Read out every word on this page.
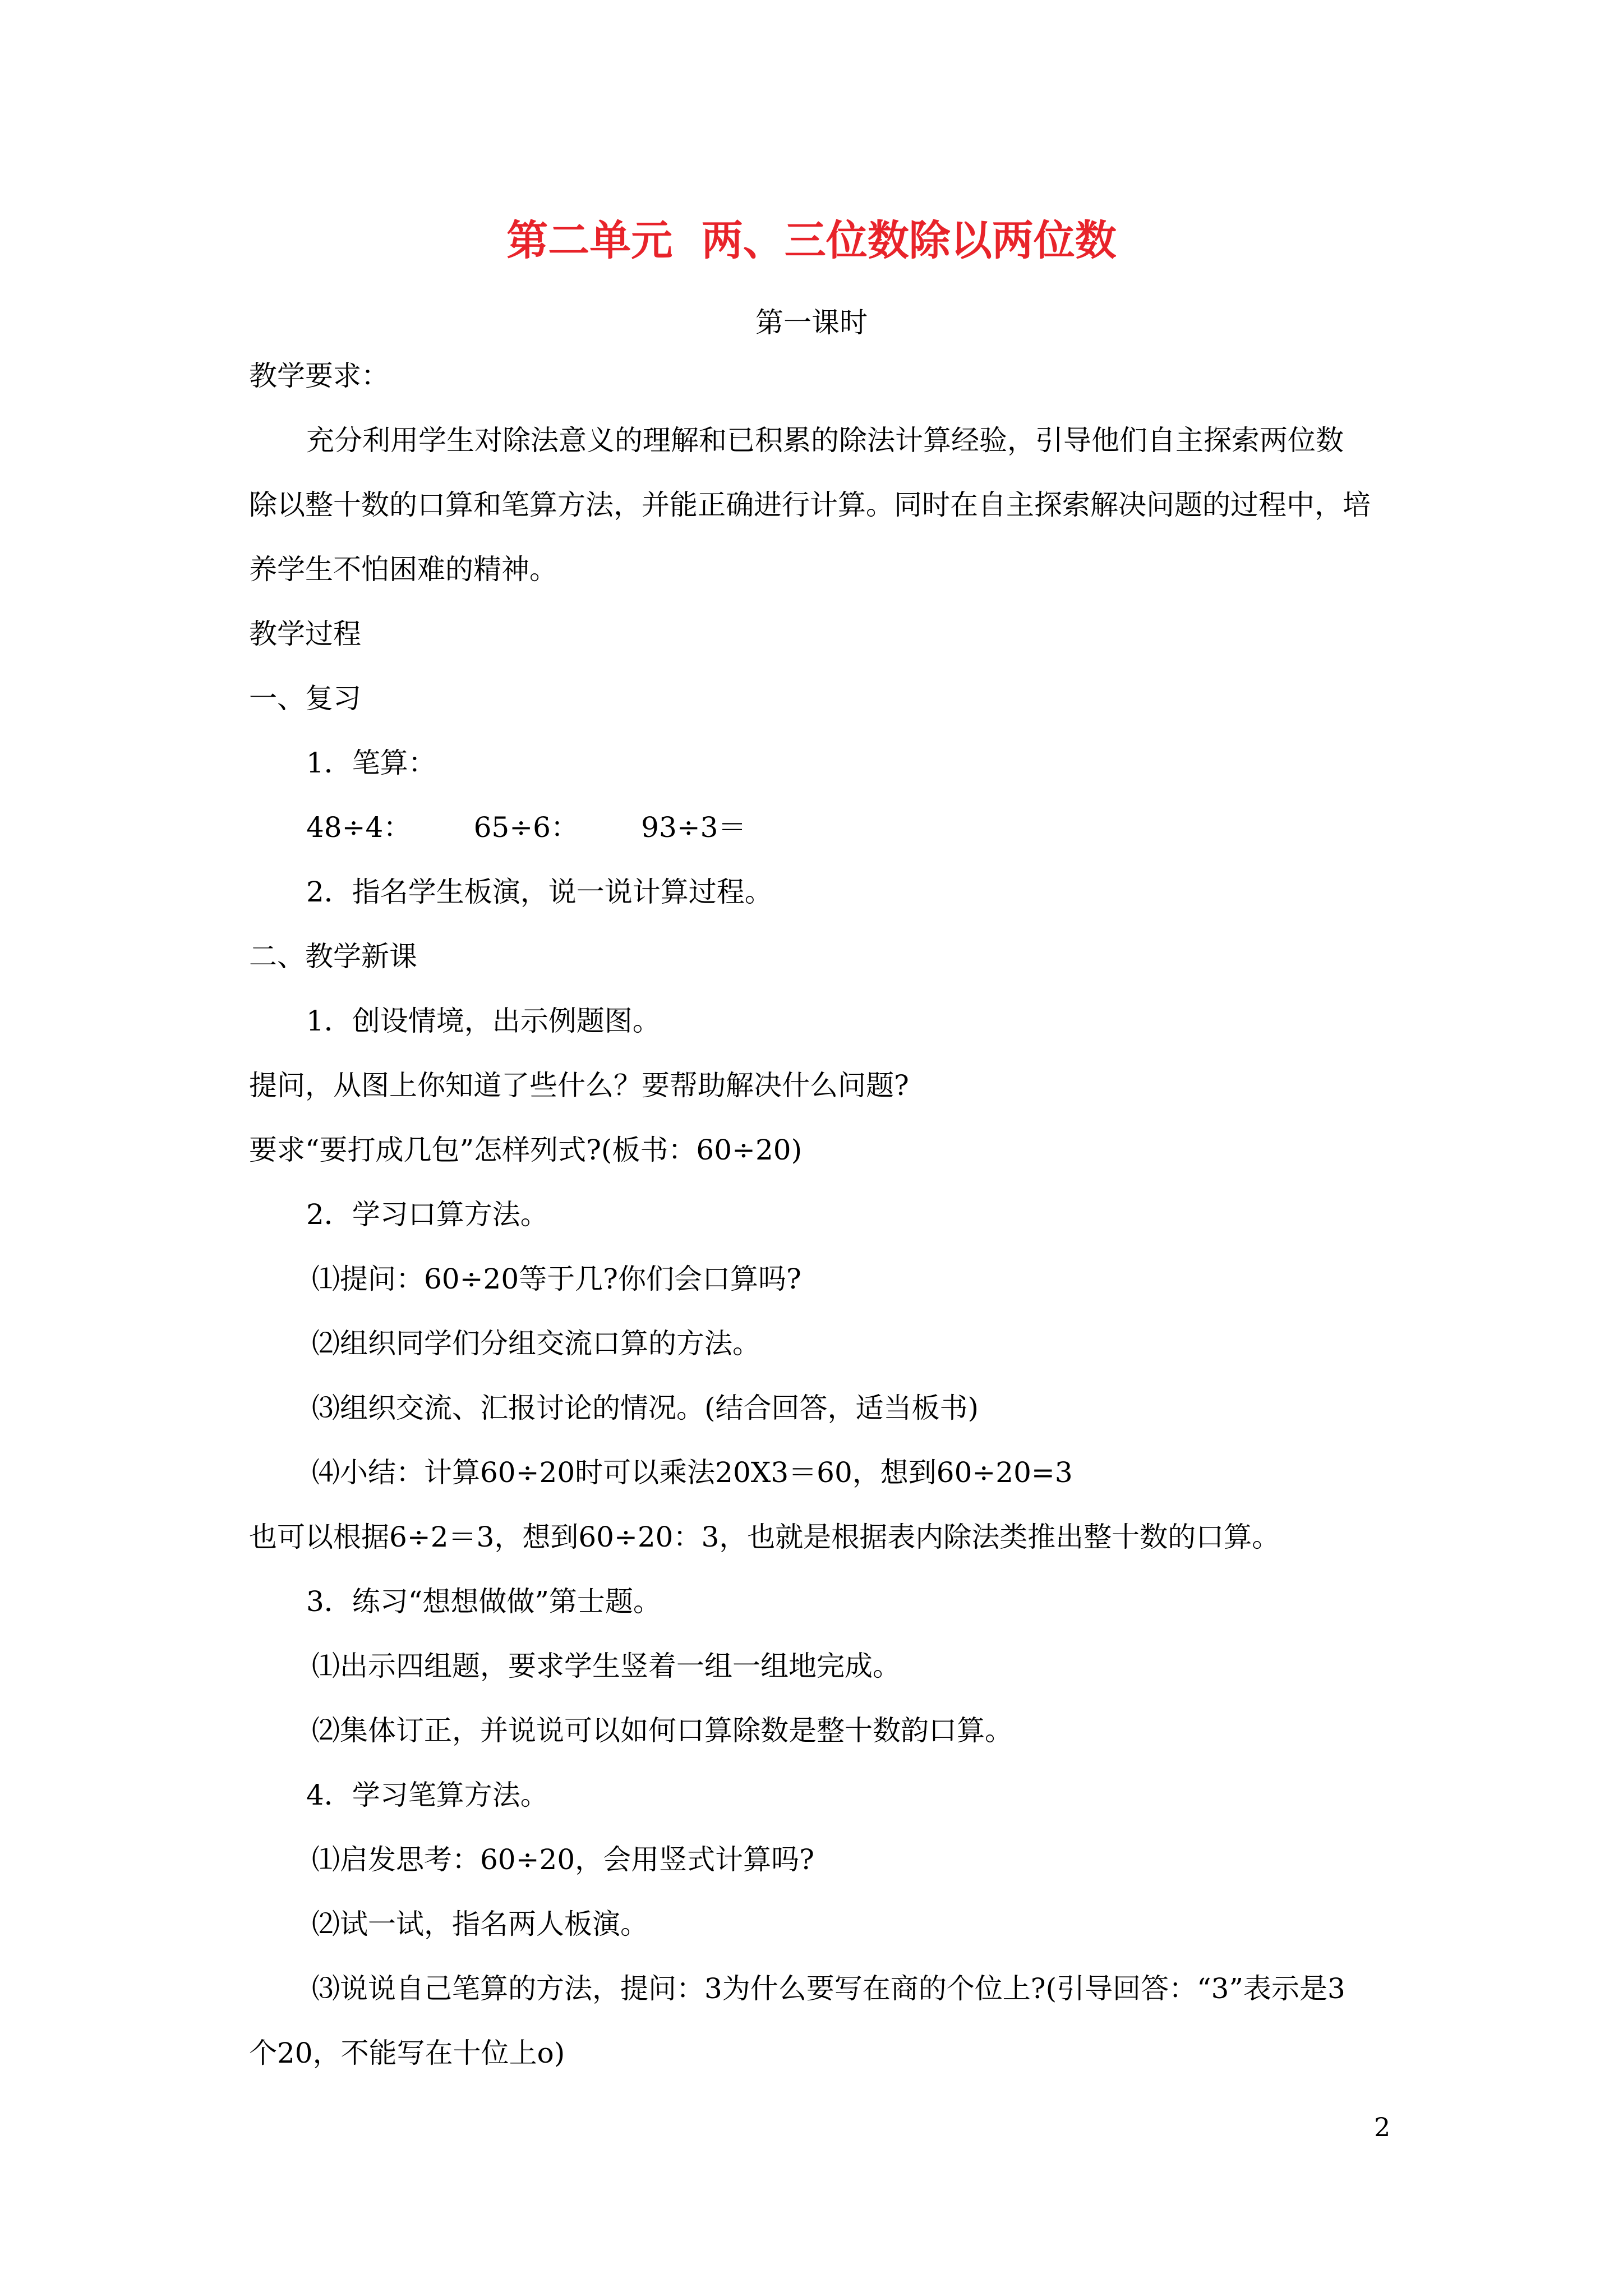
第二单元  两、三位数除以两位数
第一课时
教学要求：
充分利用学生对除法意义的理解和已积累的除法计算经验，引导他们自主探索两位数
除以整十数的口算和笔算方法，并能正确进行计算。同时在自主探索解决问题的过程中，培
养学生不怕困难的精神。
教学过程
一、复习
1．笔算：
48÷4：       65÷6：       93÷3＝
2．指名学生板演，说一说计算过程。
二、教学新课
1．创设情境，出示例题图。
提问，从图上你知道了些什么？要帮助解决什么问题?
要求“要打成几包”怎样列式?(板书：60÷20)
2．学习口算方法。
⑴提问：60÷20等于几?你们会口算吗?
⑵组织同学们分组交流口算的方法。
⑶组织交流、汇报讨论的情况。(结合回答，适当板书)
⑷小结：计算60÷20时可以乘法20X3＝60，想到60÷20=3
也可以根据6÷2＝3，想到60÷20：3，也就是根据表内除法类推出整十数的口算。
3．练习“想想做做”第士题。
⑴出示四组题，要求学生竖着一组一组地完成。
⑵集体订正，并说说可以如何口算除数是整十数韵口算。
4．学习笔算方法。
⑴启发思考：60÷20，会用竖式计算吗?
⑵试一试，指名两人板演。
⑶说说自己笔算的方法，提问：3为什么要写在商的个位上?(引导回答：“3”表示是3
个20，不能写在十位上o)
2
